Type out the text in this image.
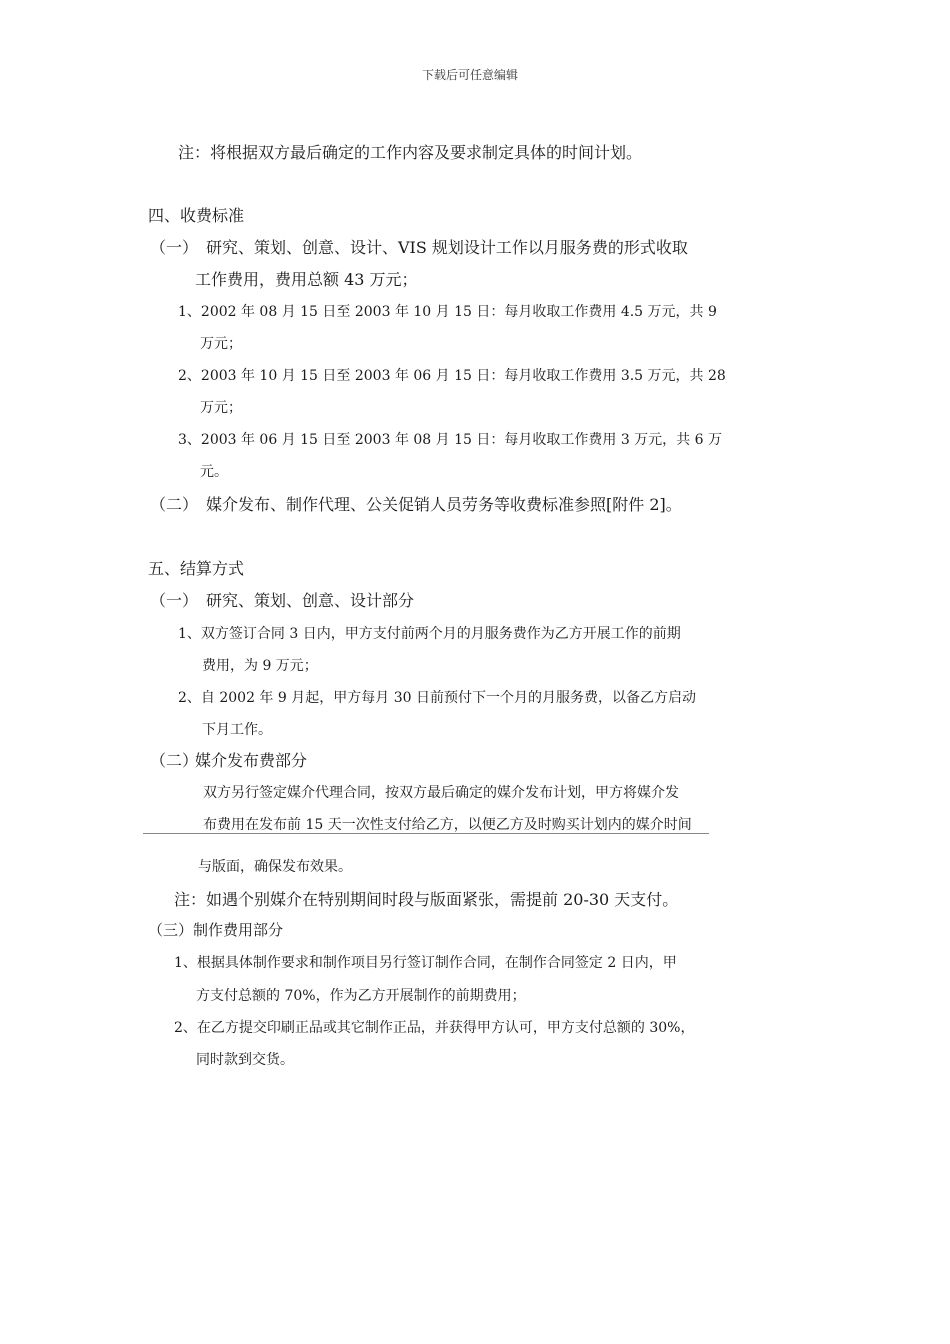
下载后可任意编辑
注：将根据双方最后确定的工作内容及要求制定具体的时间计划。
四、收费标准
（一） 研究、策划、创意、设计、VIS 规划设计工作以月服务费的形式收取
工作费用，费用总额 43 万元；
1、2002 年 08 月 15 日至 2003 年 10 月 15 日：每月收取工作费用 4.5 万元，共 9
万元；
2、2003 年 10 月 15 日至 2003 年 06 月 15 日：每月收取工作费用 3.5 万元，共 28
万元；
3、2003 年 06 月 15 日至 2003 年 08 月 15 日：每月收取工作费用 3 万元，共 6 万
元。
（二） 媒介发布、制作代理、公关促销人员劳务等收费标准参照[附件 2]。
五、结算方式
（一） 研究、策划、创意、设计部分
1、双方签订合同 3 日内，甲方支付前两个月的月服务费作为乙方开展工作的前期
费用，为 9 万元；
2、自 2002 年 9 月起，甲方每月 30 日前预付下一个月的月服务费，以备乙方启动
下月工作。
（二）媒介发布费部分
双方另行签定媒介代理合同，按双方最后确定的媒介发布计划，甲方将媒介发
布费用在发布前 15 天一次性支付给乙方，以便乙方及时购买计划内的媒介时间
与版面，确保发布效果。
注：如遇个别媒介在特别期间时段与版面紧张，需提前 20-30 天支付。
（三）制作费用部分
1、根据具体制作要求和制作项目另行签订制作合同，在制作合同签定 2 日内，甲
方支付总额的 70%，作为乙方开展制作的前期费用；
2、在乙方提交印刷正品或其它制作正品，并获得甲方认可，甲方支付总额的 30%，
同时款到交货。
